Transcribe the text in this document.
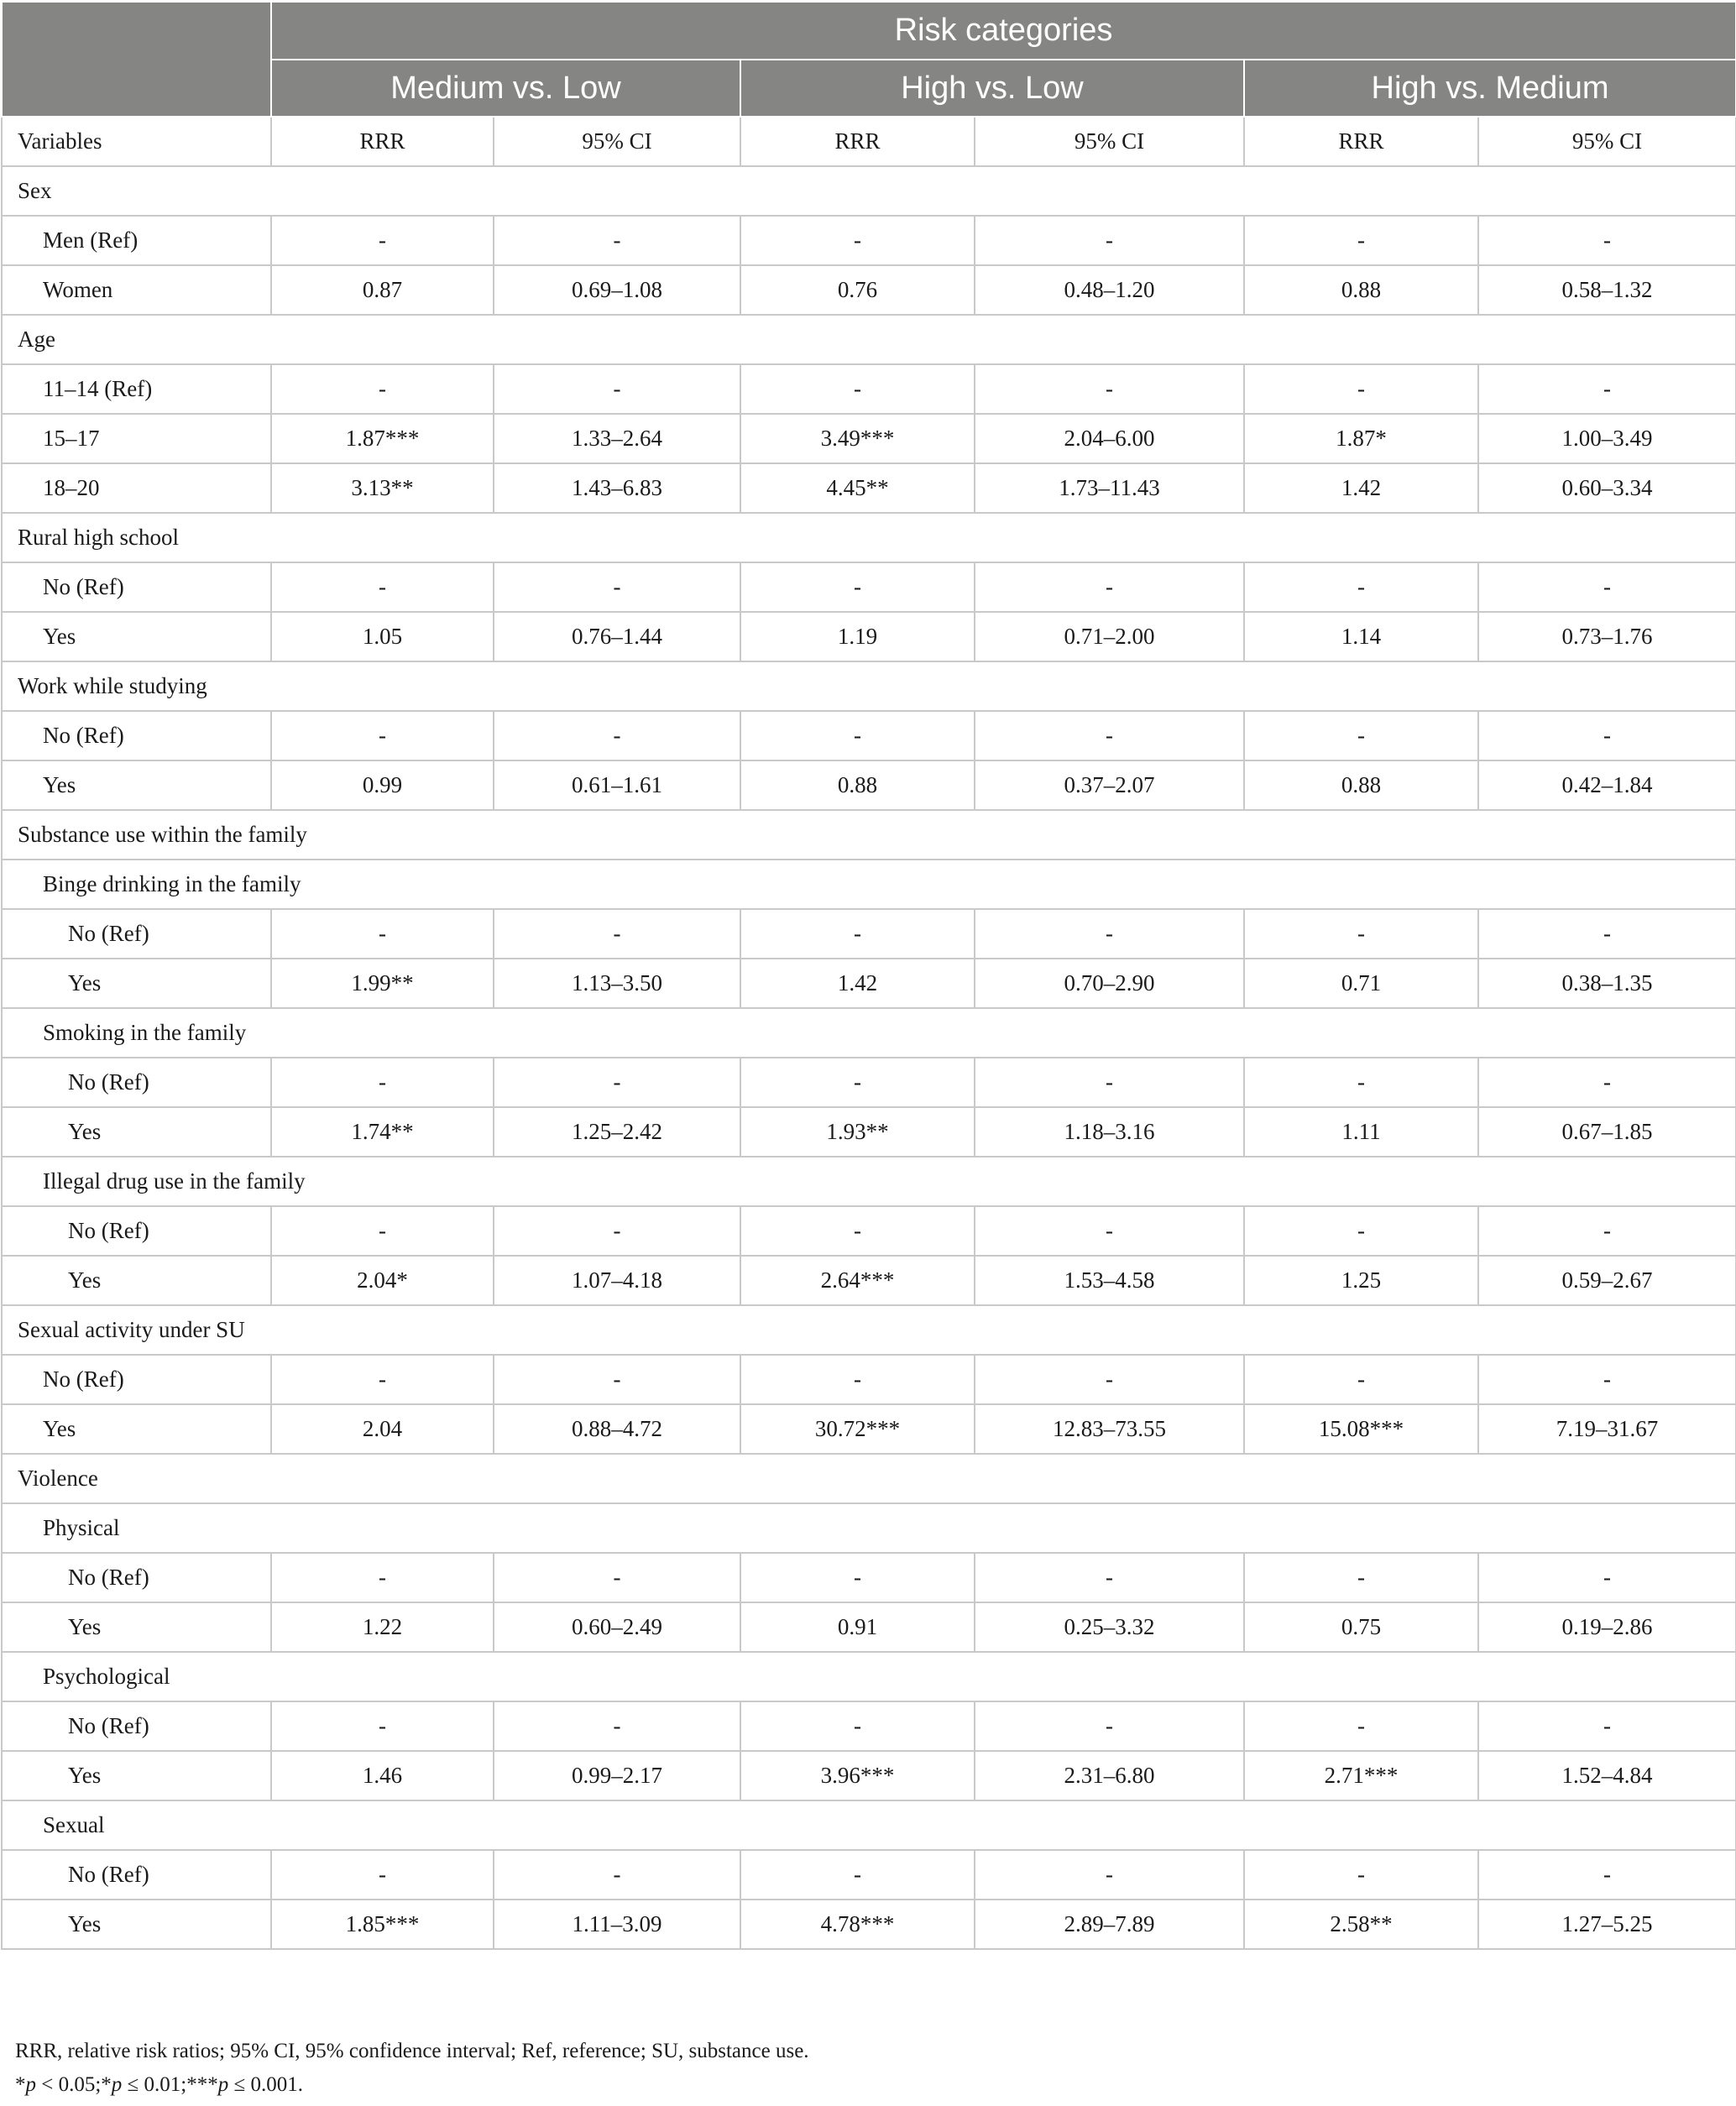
	Risk categories					
	Medium vs. Low		High vs. Low		High vs. Medium	
Variables	RRR	95% CI	RRR	95% CI	RRR	95% CI
Sex						
Men (Ref)	-	-	-	-	-	-
Women	0.87	0.69–1.08	0.76	0.48–1.20	0.88	0.58–1.32
Age						
11–14 (Ref)	-	-	-	-	-	-
15–17	1.87***	1.33–2.64	3.49***	2.04–6.00	1.87*	1.00–3.49
18–20	3.13**	1.43–6.83	4.45**	1.73–11.43	1.42	0.60–3.34
Rural high school						
No (Ref)	-	-	-	-	-	-
Yes	1.05	0.76–1.44	1.19	0.71–2.00	1.14	0.73–1.76
Work while studying						
No (Ref)	-	-	-	-	-	-
Yes	0.99	0.61–1.61	0.88	0.37–2.07	0.88	0.42–1.84
Substance use within the family						
Binge drinking in the family						
No (Ref)	-	-	-	-	-	-
Yes	1.99**	1.13–3.50	1.42	0.70–2.90	0.71	0.38–1.35
Smoking in the family						
No (Ref)	-	-	-	-	-	-
Yes	1.74**	1.25–2.42	1.93**	1.18–3.16	1.11	0.67–1.85
Illegal drug use in the family						
No (Ref)	-	-	-	-	-	-
Yes	2.04*	1.07–4.18	2.64***	1.53–4.58	1.25	0.59–2.67
Sexual activity under SU						
No (Ref)	-	-	-	-	-	-
Yes	2.04	0.88–4.72	30.72***	12.83–73.55	15.08***	7.19–31.67
Violence						
Physical						
No (Ref)	-	-	-	-	-	-
Yes	1.22	0.60–2.49	0.91	0.25–3.32	0.75	0.19–2.86
Psychological						
No (Ref)	-	-	-	-	-	-
Yes	1.46	0.99–2.17	3.96***	2.31–6.80	2.71***	1.52–4.84
Sexual						
No (Ref)	-	-	-	-	-	-
Yes	1.85***	1.11–3.09	4.78***	2.89–7.89	2.58**	1.27–5.25
RRR, relative risk ratios; 95% CI, 95% confidence interval; Ref, reference; SU, substance use.
*p < 0.05;*p ≤ 0.01;***p ≤ 0.001.
